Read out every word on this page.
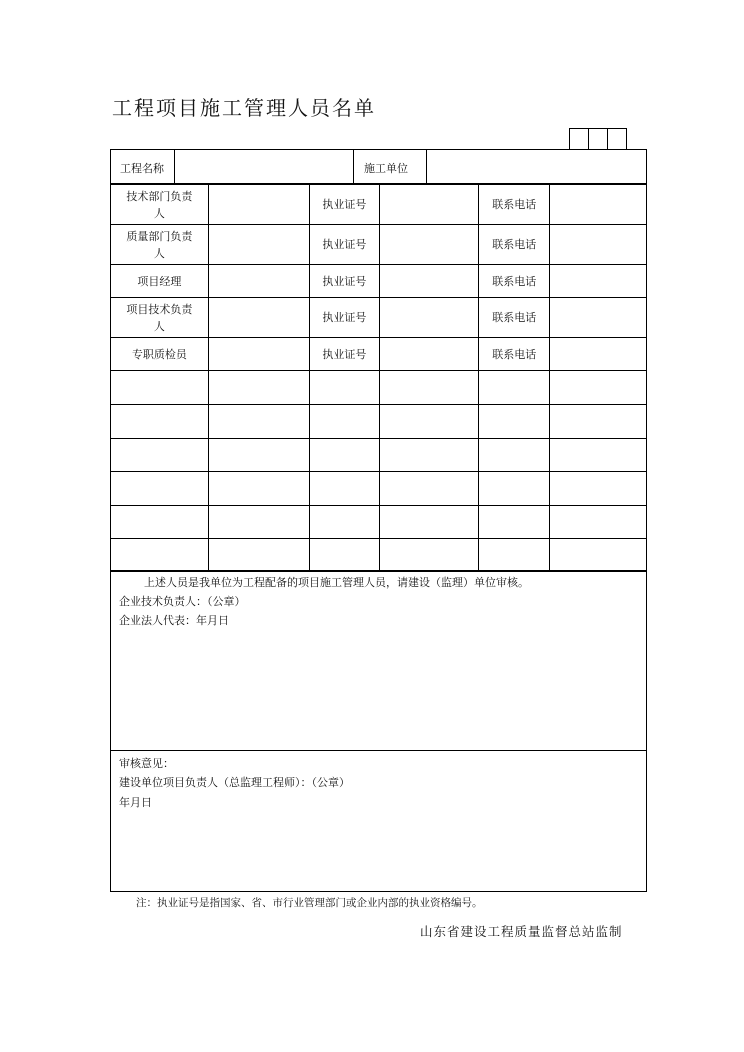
工程项目施工管理人员名单
工程名称	施工单位
技术部门负责
人		执业证号		联系电话	
质量部门负责
人		执业证号		联系电话	
项目经理		执业证号		联系电话	
项目技术负责
人		执业证号		联系电话	
专职质检员		执业证号		联系电话	

上述人员是我单位为工程配备的项目施工管理人员，请建设（监理）单位审核。
企业技术负责人：（公章）
企业法人代表：年月日
审核意见：
建设单位项目负责人（总监理工程师）：（公章）
年月日
注：执业证号是指国家、省、市行业管理部门或企业内部的执业资格编号。
山东省建设工程质量监督总站监制
